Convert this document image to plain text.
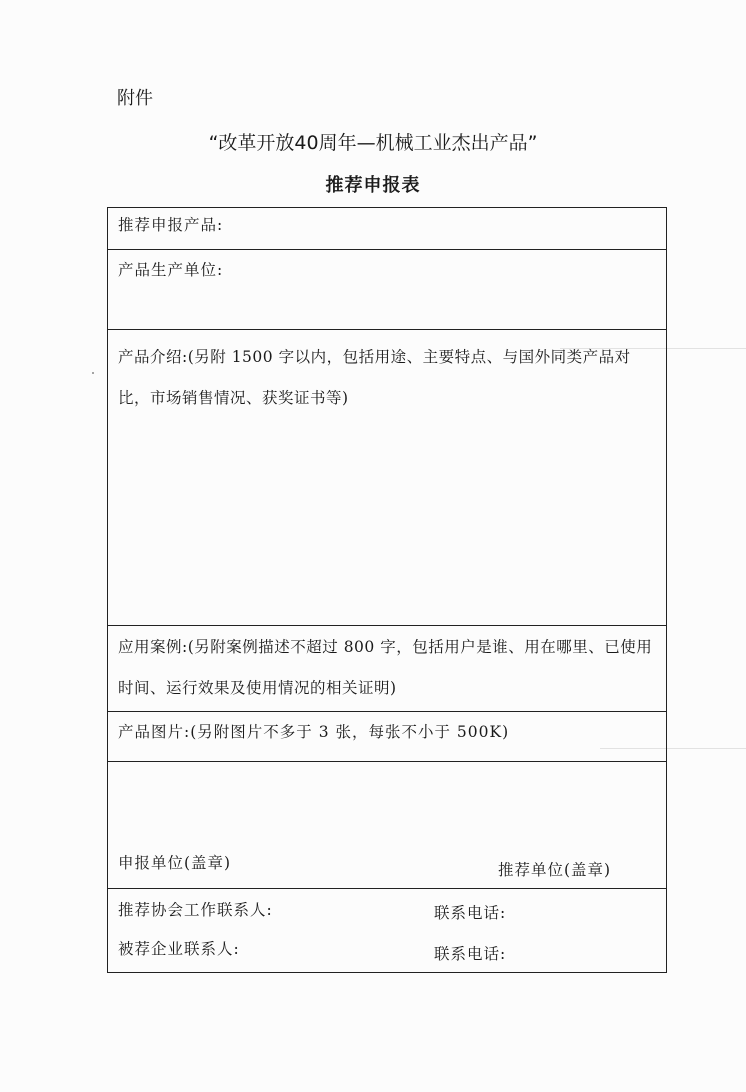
附件
“改革开放40周年—机械工业杰出产品”
推荐申报表
推荐申报产品:
产品生产单位:
产品介绍:(另附 1500 字以内，包括用途、主要特点、与国外同类产品对比，市场销售情况、获奖证书等)
应用案例:(另附案例描述不超过 800 字，包括用户是谁、用在哪里、已使用时间、运行效果及使用情况的相关证明)
产品图片:(另附图片不多于 3 张，每张不小于 500K)
申报单位(盖章)	推荐单位(盖章)
推荐协会工作联系人:	联系电话:
被荐企业联系人:	联系电话:
